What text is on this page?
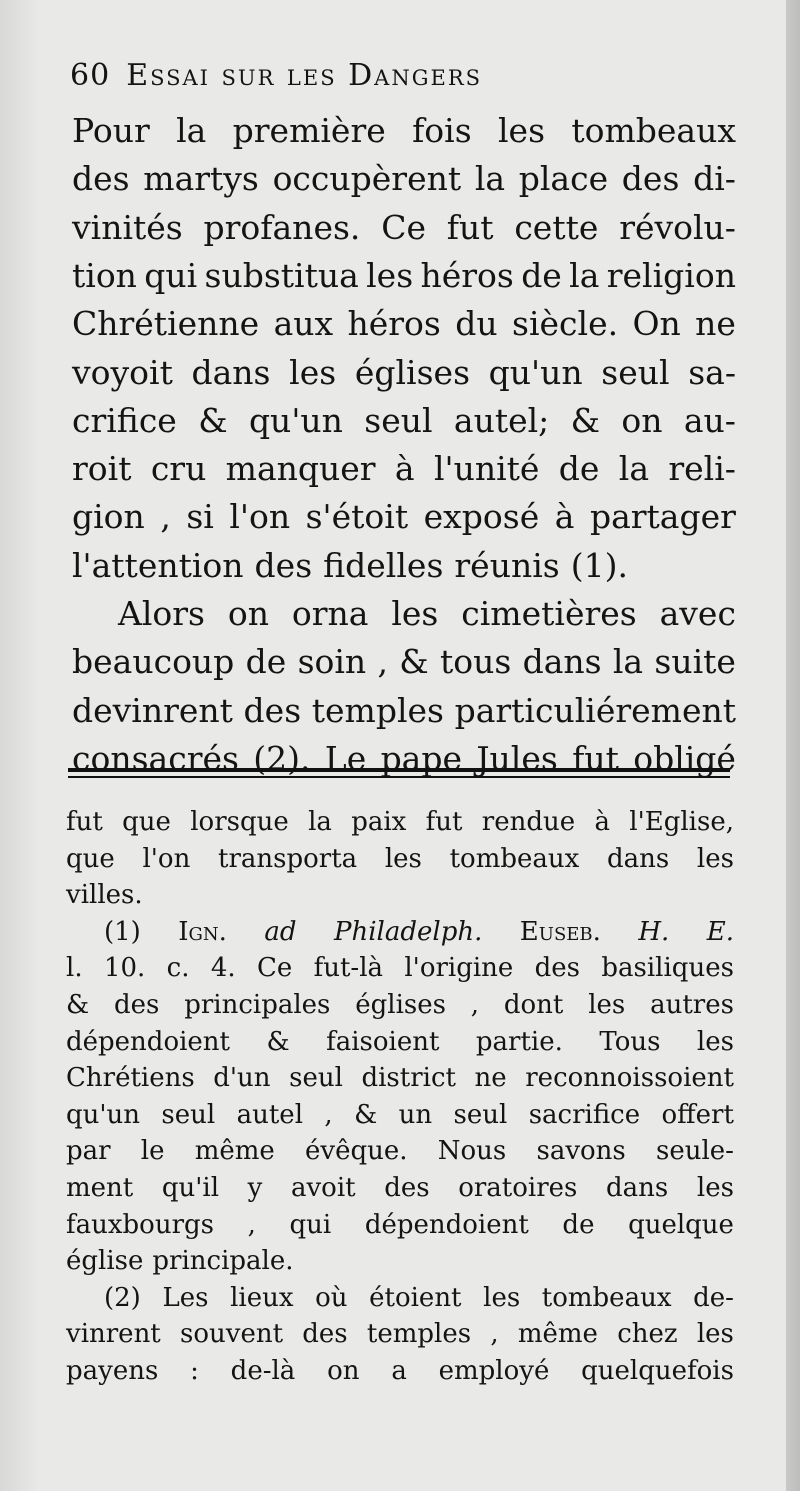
60 Essai sur les Dangers
Pour la première fois les tombeaux
des martys occupèrent la place des di-
vinités profanes. Ce fut cette révolu-
tion qui substitua les héros de la religion
Chrétienne aux héros du siècle. On ne
voyoit dans les églises qu'un seul sa-
crifice & qu'un seul autel; & on au-
roit cru manquer à l'unité de la reli-
gion , si l'on s'étoit exposé à partager
l'attention des fidelles réunis (1).
Alors on orna les cimetières avec
beaucoup de soin , & tous dans la suite
devinrent des temples particuliérement
consacrés (2). Le pape Jules fut obligé
fut que lorsque la paix fut rendue à l'Eglise,
que l'on transporta les tombeaux dans les
villes.
(1) Ign. ad Philadelph. Euseb. H. E.
l. 10. c. 4. Ce fut-là l'origine des basiliques
& des principales églises , dont les autres
dépendoient & faisoient partie. Tous les
Chrétiens d'un seul district ne reconnoissoient
qu'un seul autel , & un seul sacrifice offert
par le même évêque. Nous savons seule-
ment qu'il y avoit des oratoires dans les
fauxbourgs , qui dépendoient de quelque
église principale.
(2) Les lieux où étoient les tombeaux de-
vinrent souvent des temples , même chez les
payens : de-là on a employé quelquefois
